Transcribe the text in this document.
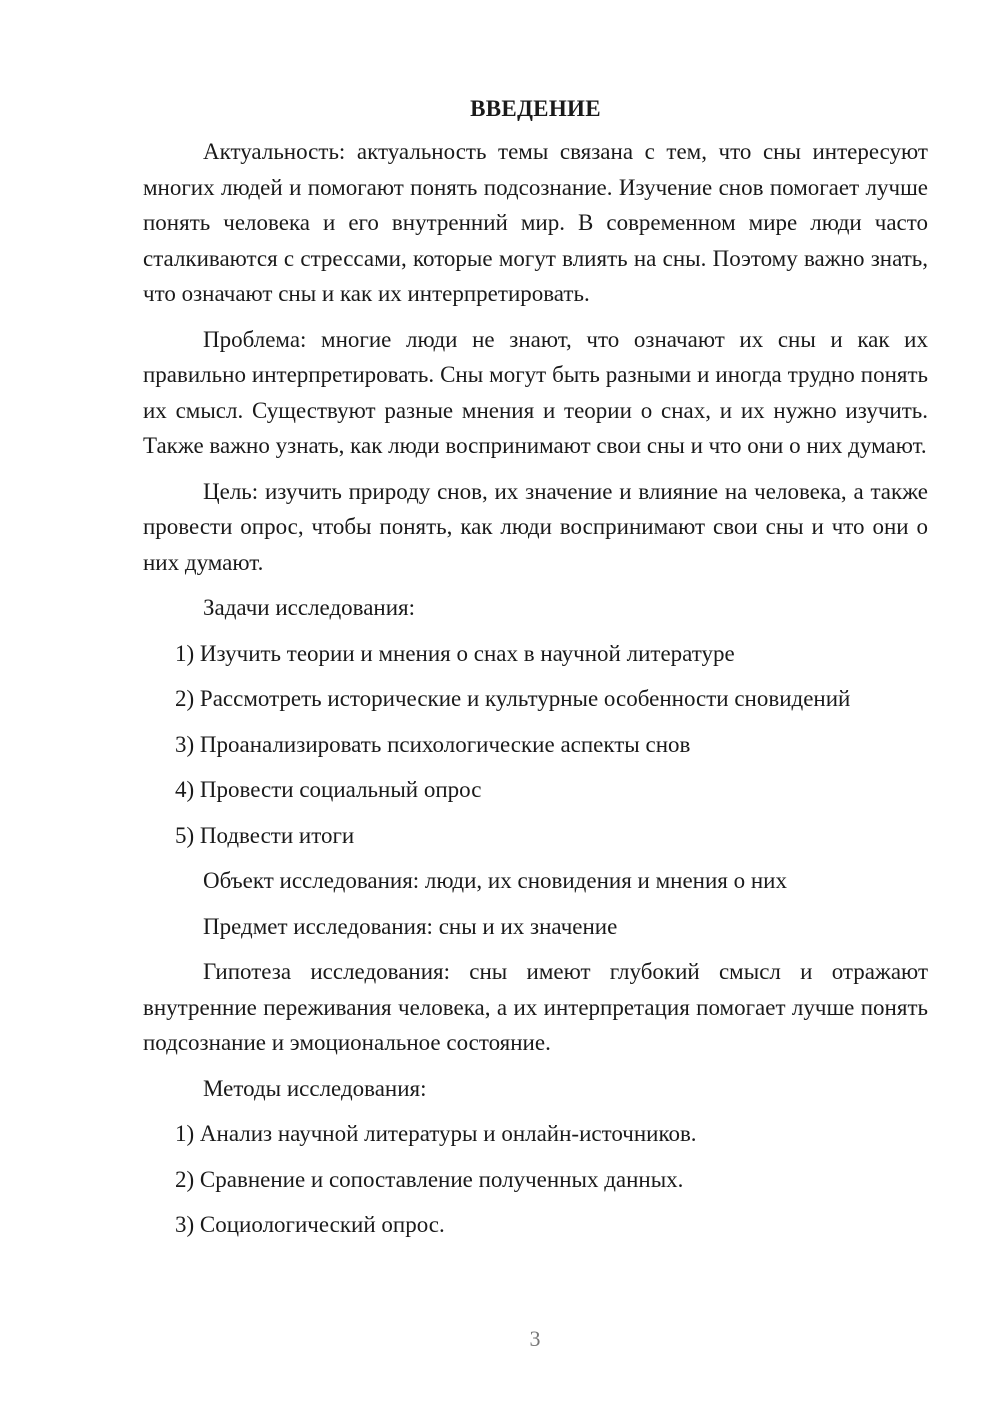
ВВЕДЕНИЕ

Актуальность: актуальность темы связана с тем, что сны интересуют многих людей и помогают понять подсознание. Изучение снов помогает лучше понять человека и его внутренний мир. В современном мире люди часто сталкиваются с стрессами, которые могут влиять на сны. Поэтому важно знать, что означают сны и как их интерпретировать.

Проблема: многие люди не знают, что означают их сны и как их правильно интерпретировать. Сны могут быть разными и иногда трудно понять их смысл. Существуют разные мнения и теории о снах, и их нужно изучить. Также важно узнать, как люди воспринимают свои сны и что они о них думают.

Цель: изучить природу снов, их значение и влияние на человека, а также провести опрос, чтобы понять, как люди воспринимают свои сны и что они о них думают.

Задачи исследования:
1) Изучить теории и мнения о снах в научной литературе
2) Рассмотреть исторические и культурные особенности сновидений
3) Проанализировать психологические аспекты снов
4) Провести социальный опрос
5) Подвести итоги
Объект исследования: люди, их сновидения и мнения о них
Предмет исследования: сны и их значение

Гипотеза исследования: сны имеют глубокий смысл и отражают внутренние переживания человека, а их интерпретация помогает лучше понять подсознание и эмоциональное состояние.

Методы исследования:
1) Анализ научной литературы и онлайн-источников.
2) Сравнение и сопоставление полученных данных.
3) Социологический опрос.
3
